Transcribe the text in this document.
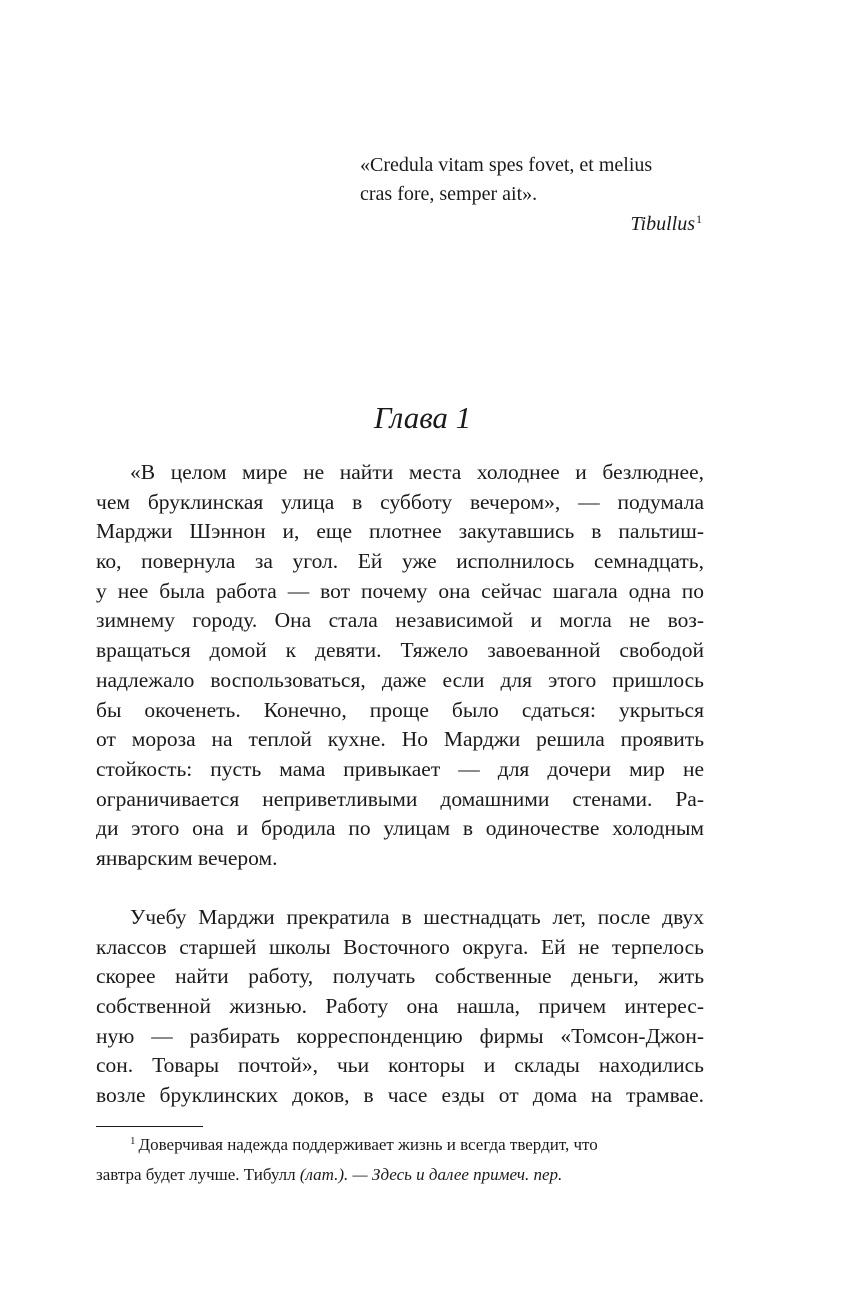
«Credula vitam spes fovet, et melius
cras fore, semper ait».
Tibullus$^1$
Глава 1
«В целом мире не найти места холоднее и безлюднее,
чем бруклинская улица в субботу вечером», — подумала
Марджи Шэннон и, еще плотнее закутавшись в пальтиш-
ко, повернула за угол. Ей уже исполнилось семнадцать,
у нее была работа — вот почему она сейчас шагала одна по
зимнему городу. Она стала независимой и могла не воз-
вращаться домой к девяти. Тяжело завоеванной свободой
надлежало воспользоваться, даже если для этого пришлось
бы окоченеть. Конечно, проще было сдаться: укрыться
от мороза на теплой кухне. Но Марджи решила проявить
стойкость: пусть мама привыкает — для дочери мир не
ограничивается неприветливыми домашними стенами. Ра-
ди этого она и бродила по улицам в одиночестве холодным
январским вечером.
Учебу Марджи прекратила в шестнадцать лет, после двух
классов старшей школы Восточного округа. Ей не терпелось
скорее найти работу, получать собственные деньги, жить
собственной жизнью. Работу она нашла, причем интерес-
ную — разбирать корреспонденцию фирмы «Томсон-Джон-
сон. Товары почтой», чьи конторы и склады находились
возле бруклинских доков, в часе езды от дома на трамвае.
$^1$ Доверчивая надежда поддерживает жизнь и всегда твердит, что
завтра будет лучше. Тибулл (лат.). — Здесь и далее примеч. пер.
